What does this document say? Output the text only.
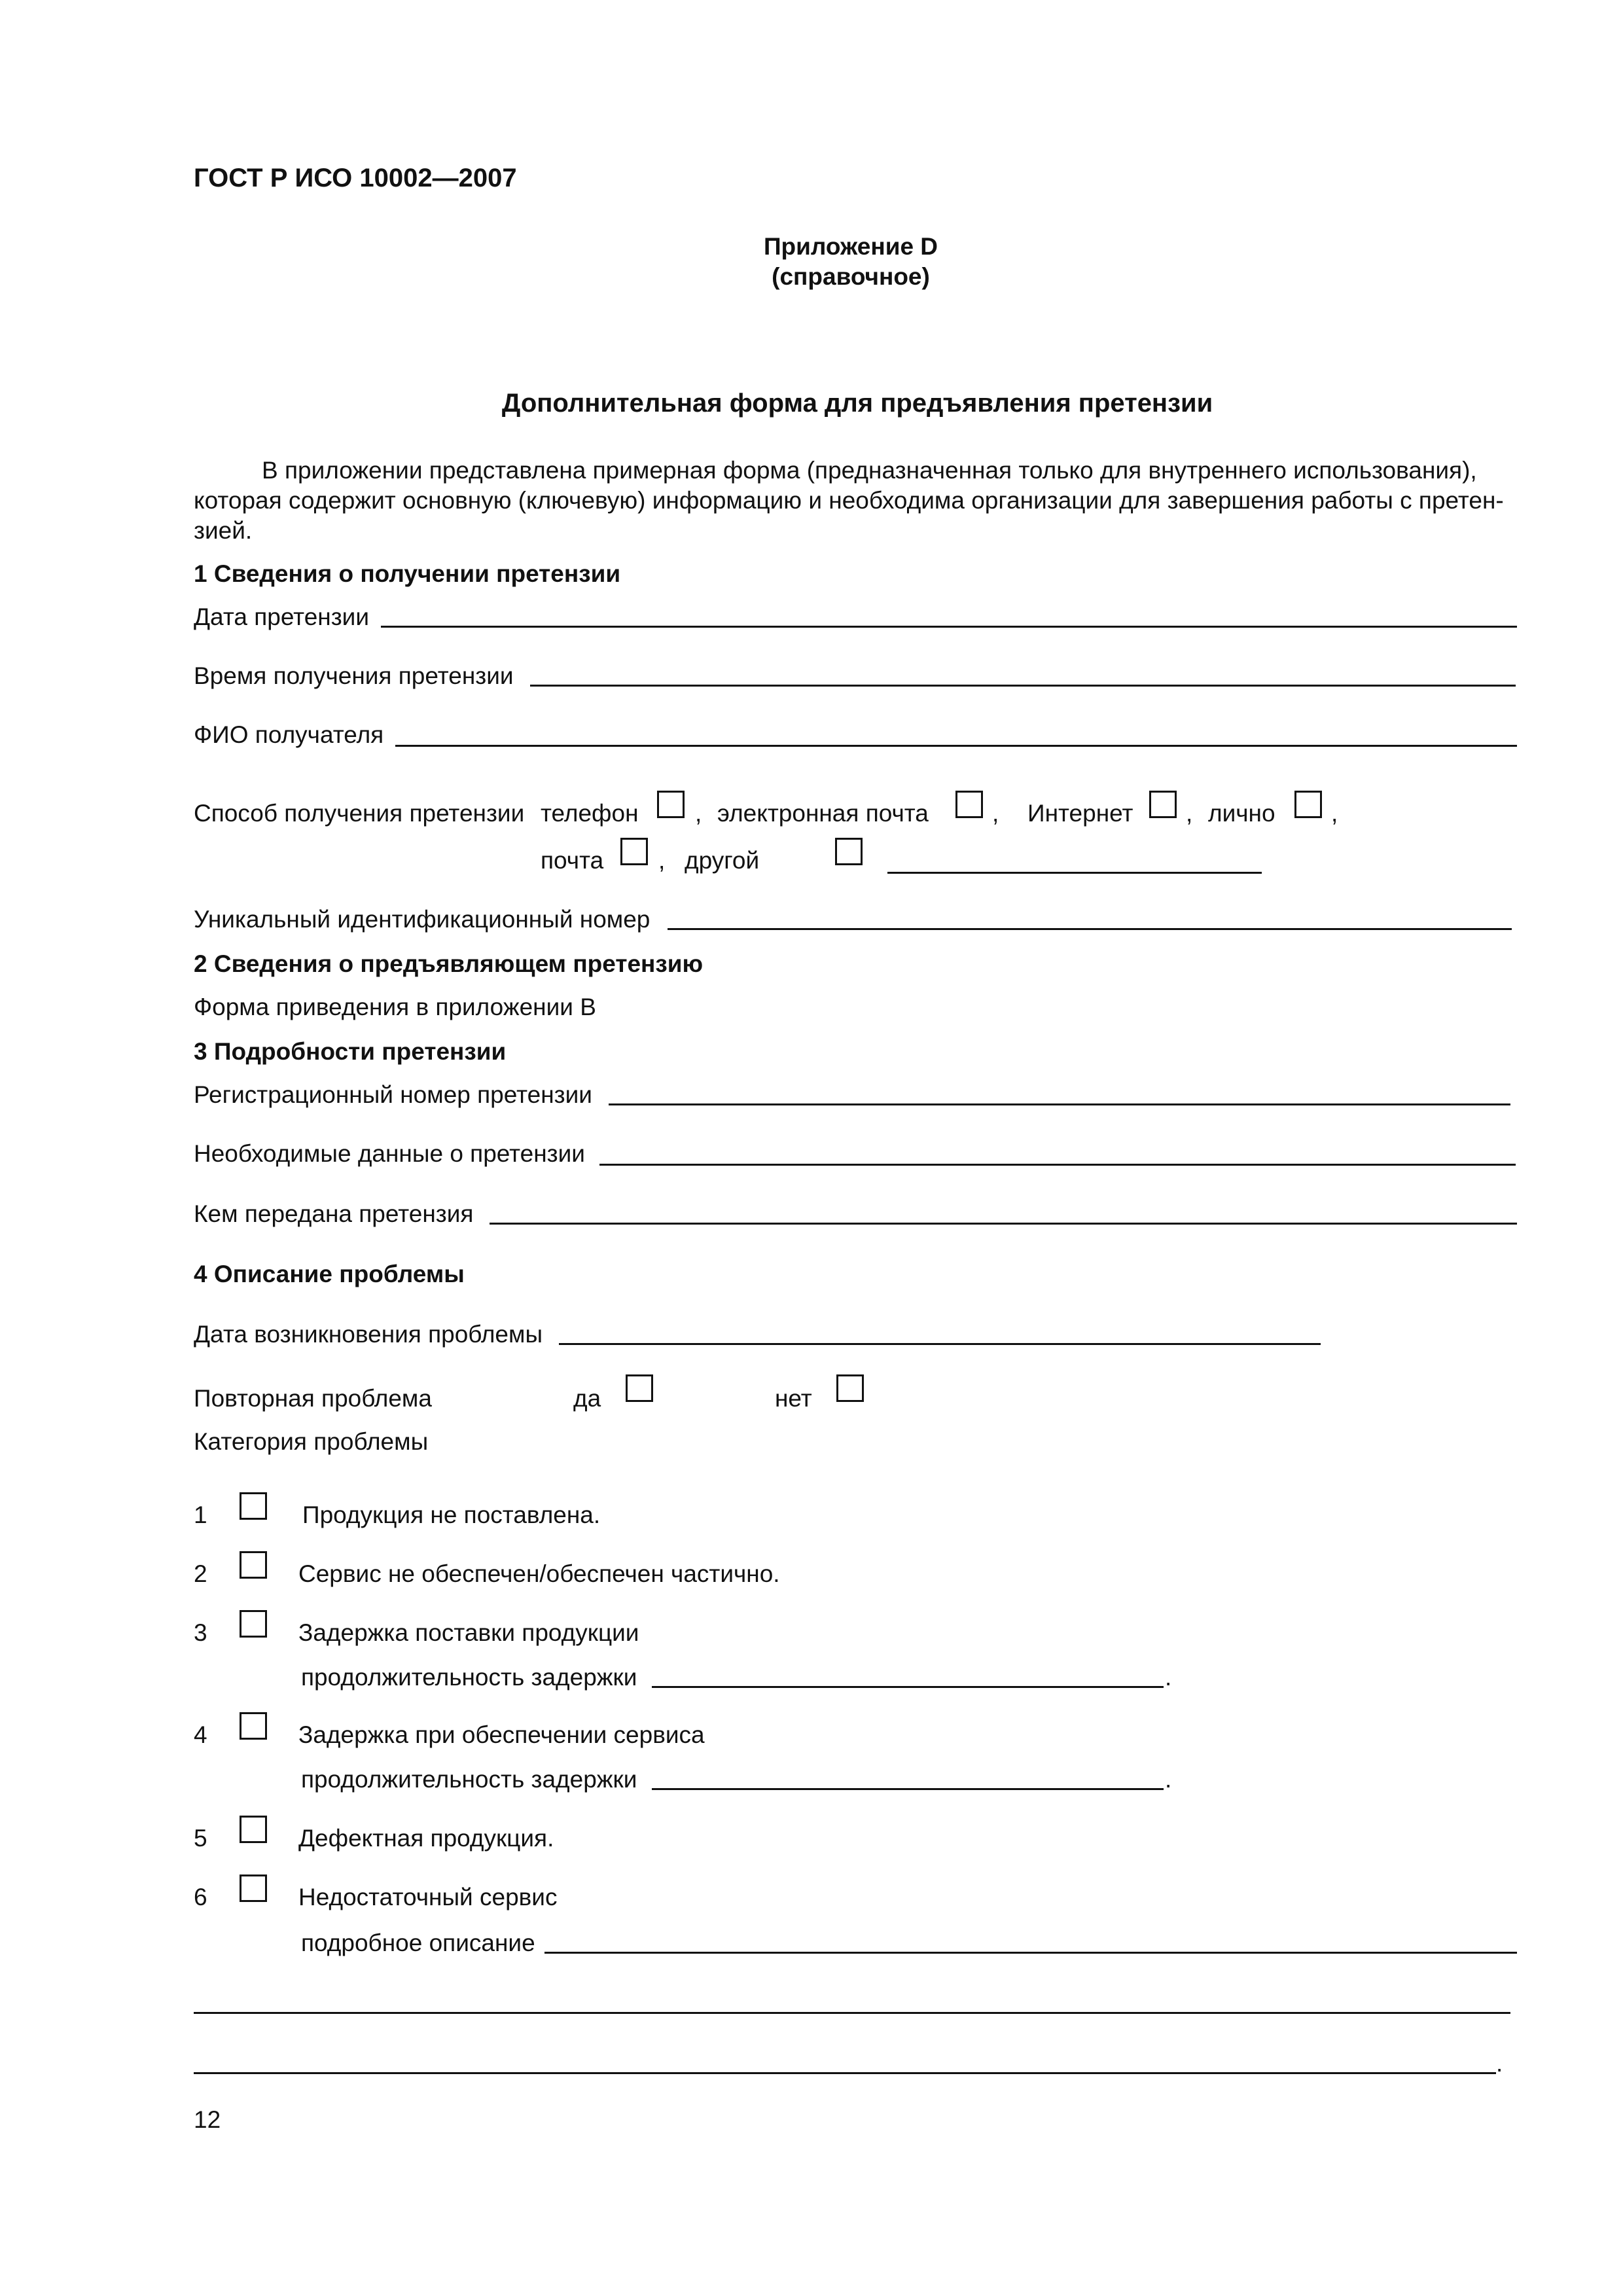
ГОСТ Р ИСО 10002—2007
Приложение D
(справочное)
Дополнительная форма для предъявления претензии
В приложении представлена примерная форма (предназначенная только для внутреннего использования),
которая содержит основную (ключевую) информацию и необходима организации для завершения работы с претен-
зией.
1 Сведения о получении претензии
Дата претензии
Время получения претензии
ФИО получателя
Способ получения претензии телефон , электронная почта	, Интернет , лично ,
почта , другой
Уникальный идентификационный номер
2 Сведения о предъявляющем претензию
Форма приведения в приложении В
3 Подробности претензии
Регистрационный номер претензии
Необходимые данные о претензии
Кем передана претензия
4 Описание проблемы
Дата возникновения проблемы
Повторная проблема	да	нет
Категория проблемы
1	Продукция не поставлена.
2	Сервис не обеспечен/обеспечен частично.
3	Задержка поставки продукции
продолжительность задержки	.
4	Задержка при обеспечении сервиса
продолжительность задержки	.
5	Дефектная продукция.
6	Недостаточный сервис
подробное описание
.
12
